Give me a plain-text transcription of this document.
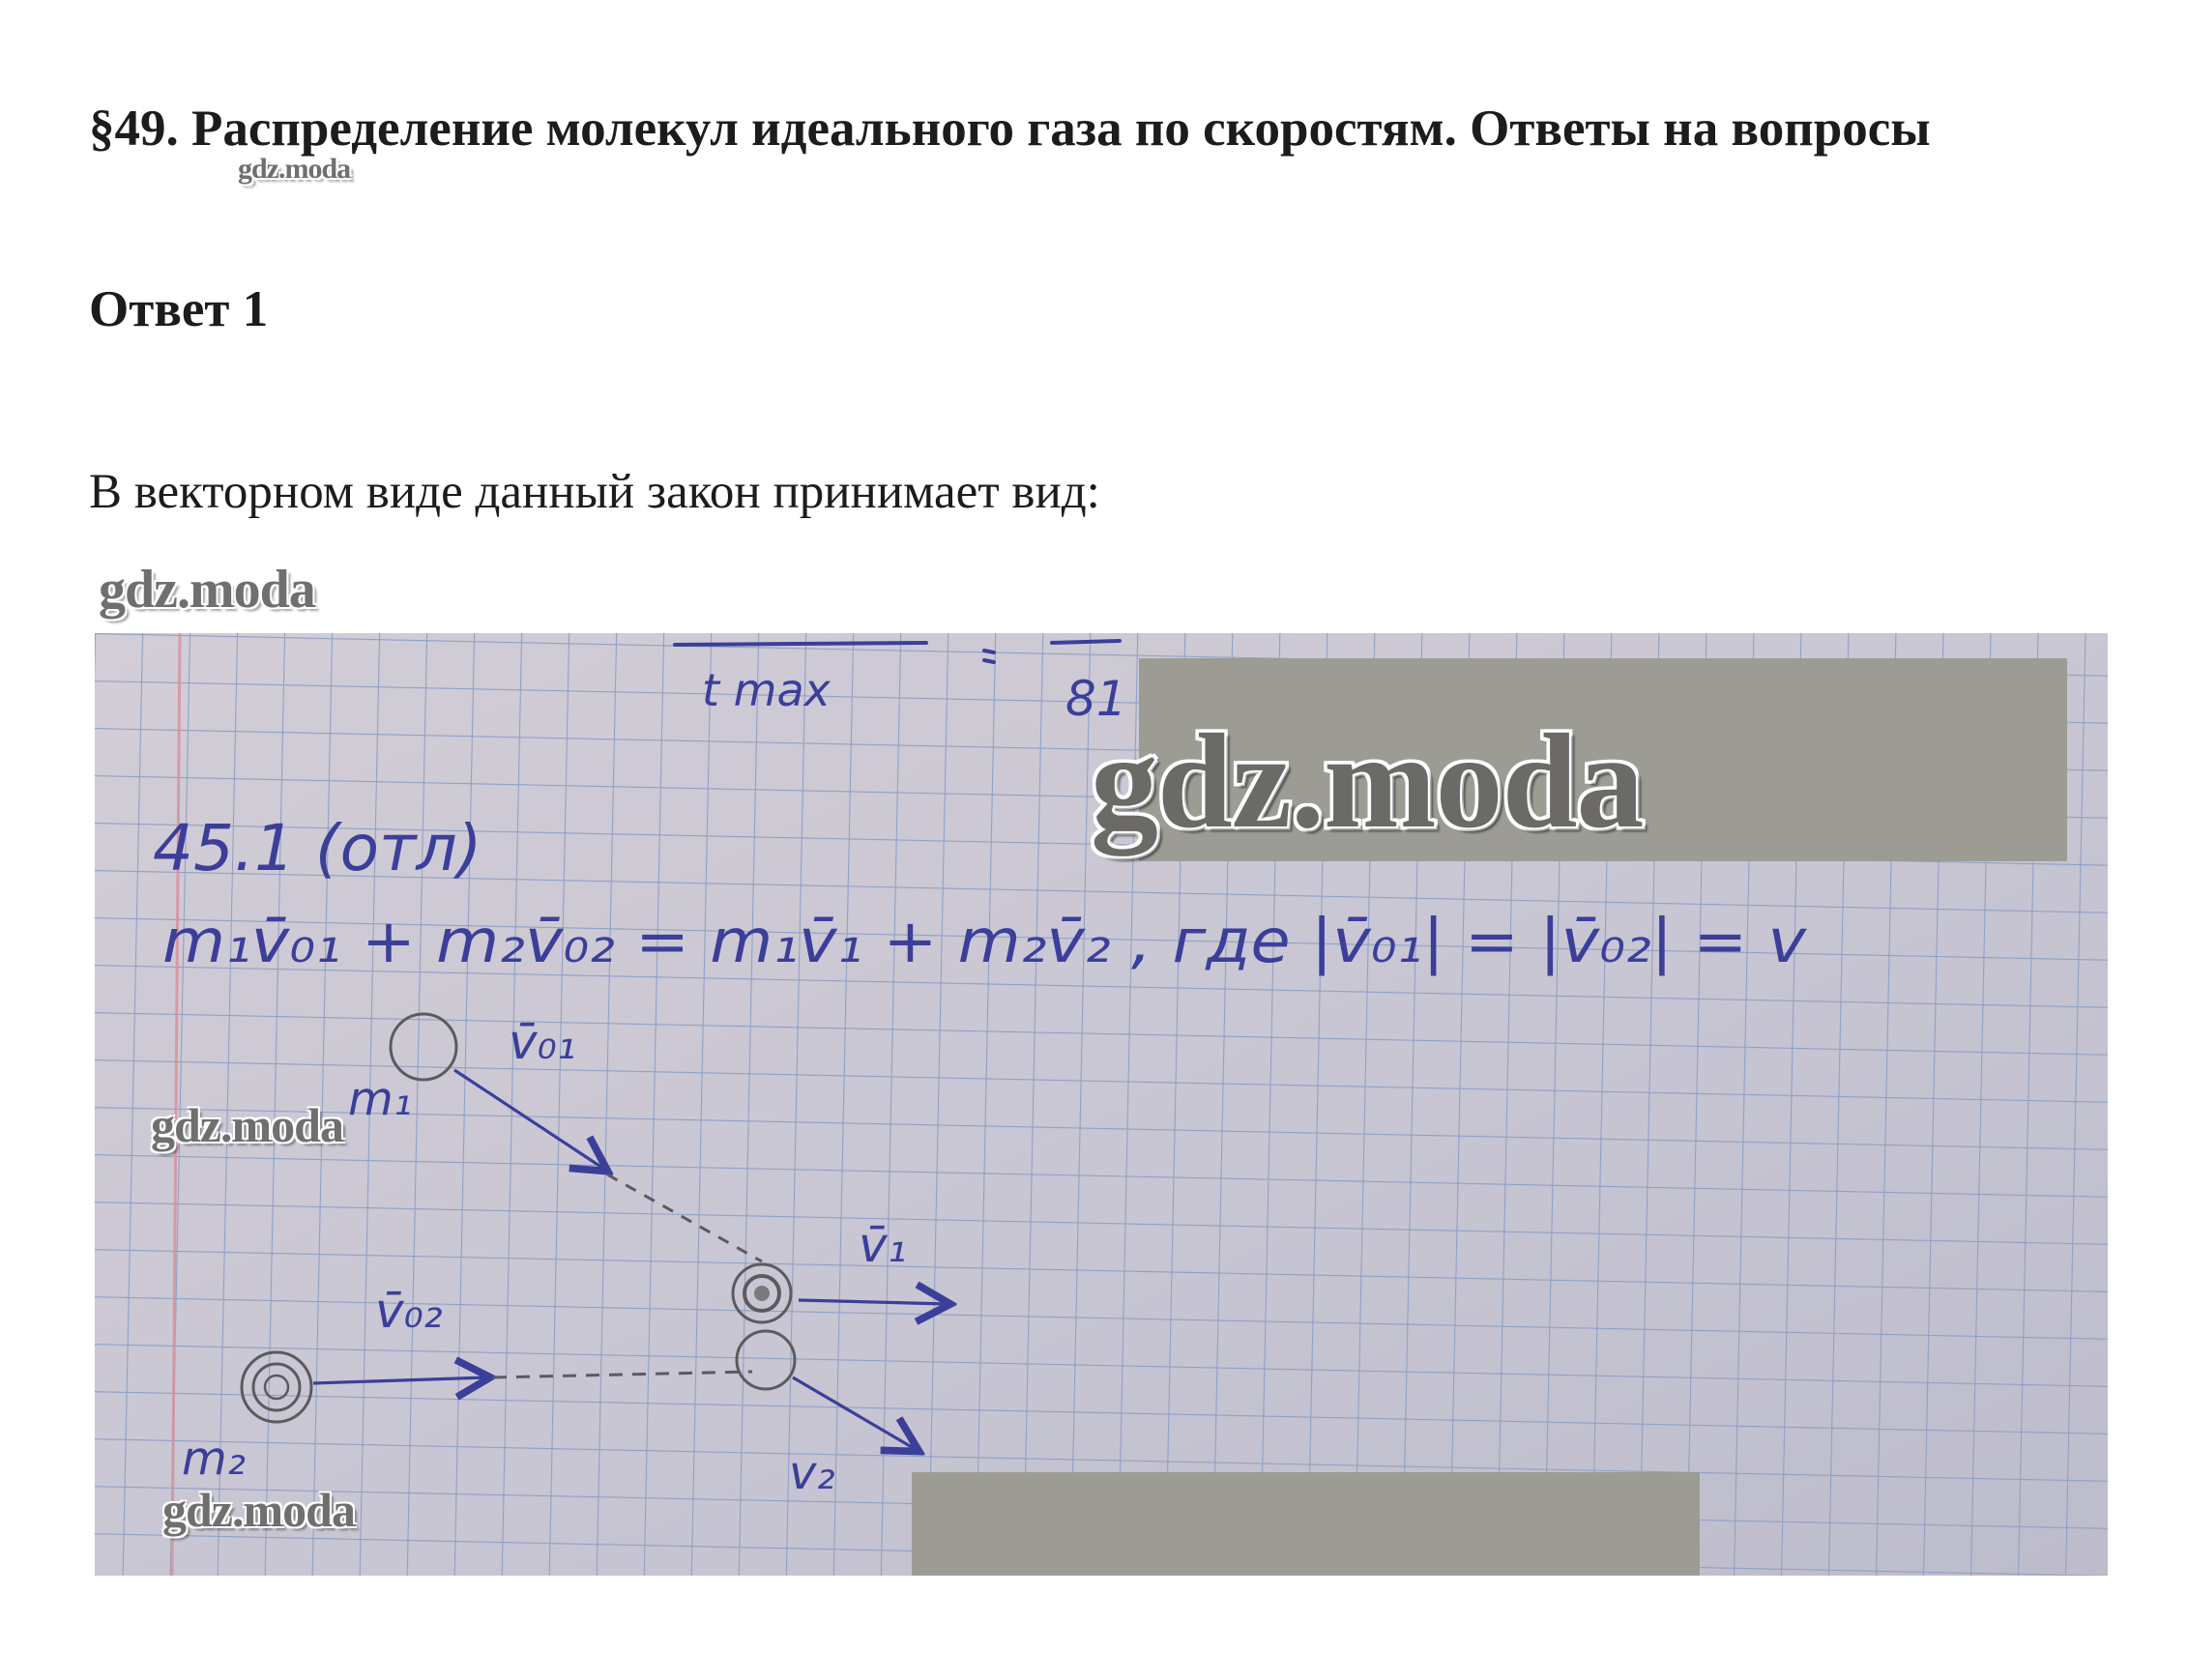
§49. Распределение молекул идеального газа по скоростям. Ответы на вопросы
gdz.moda
Ответ 1

В векторном виде данный закон принимает вид:

gdz.moda
t max	81
gdz.moda
45.1 (отл)
m₁v̄₀₁ + m₂v̄₀₂ = m₁v̄₁ + m₂v̄₂ , где |v̄₀₁| = |v̄₀₂| = v
m₁
v̄₀₁
m₂
v̄₀₂
v̄₁
v₂
gdz.moda
gdz.moda
